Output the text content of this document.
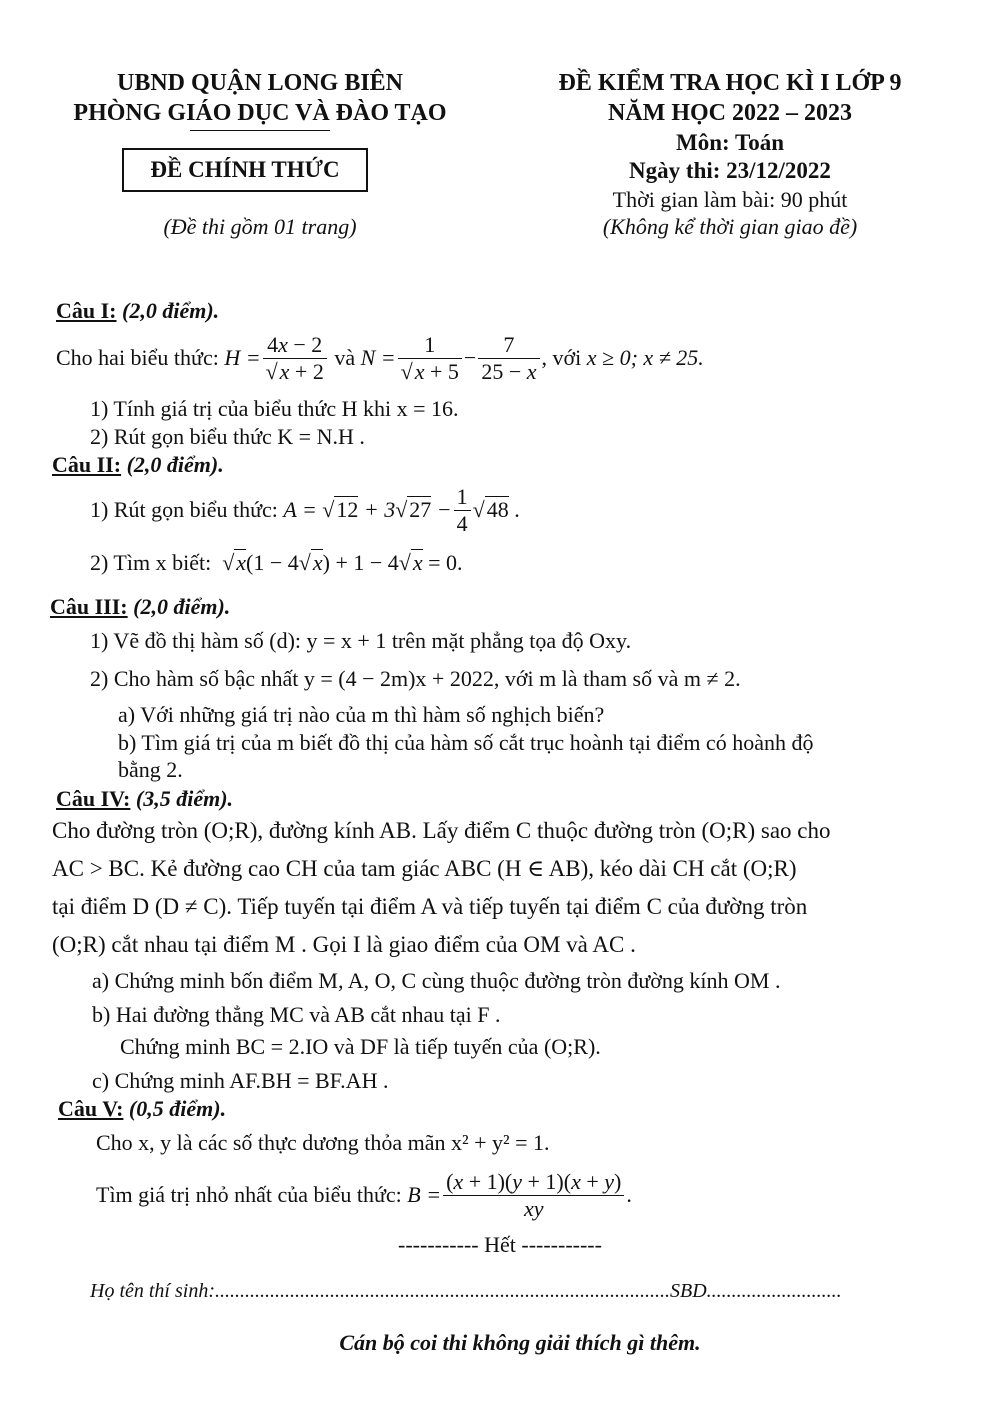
UBND QUẬN LONG BIÊN
PHÒNG GIÁO DỤC VÀ ĐÀO TẠO
ĐỀ CHÍNH THỨC
(Đề thi gồm 01 trang)
ĐỀ KIỂM TRA HỌC KÌ I LỚP 9
NĂM HỌC 2022 – 2023
Môn: Toán
Ngày thi: 23/12/2022
Thời gian làm bài: 90 phút
(Không kể thời gian giao đề)
Câu I: (2,0 điểm).
Cho hai biểu thức:
$H = \frac{4x - 2}{√x + 2}$
và
$N = \frac{1}{√x + 5} - \frac{7}{25 - x}$ , với
x ≥ 0; x ≠ 25.
1) Tính giá trị của biểu thức H khi x = 16.
2) Rút gọn biểu thức K = N.H .
Câu II: (2,0 điểm).
1) Rút gọn biểu thức:
$A = √12 + 3√27 - \frac{1}{4} √48$ .
2) Tìm x biết: √x(1 − 4√x) + 1 − 4√x = 0.
Câu III: (2,0 điểm).
1) Vẽ đồ thị hàm số (d): y = x + 1 trên mặt phẳng tọa độ Oxy.
2) Cho hàm số bậc nhất y = (4 − 2m)x + 2022, với m là tham số và m ≠ 2.
a) Với những giá trị nào của m thì hàm số nghịch biến?
b) Tìm giá trị của m biết đồ thị của hàm số cắt trục hoành tại điểm có hoành độ
bằng 2.
Câu IV: (3,5 điểm).
Cho đường tròn (O;R), đường kính AB. Lấy điểm C thuộc đường tròn (O;R) sao cho
AC > BC. Kẻ đường cao CH của tam giác ABC (H ∈ AB), kéo dài CH cắt (O;R)
tại điểm D (D ≠ C). Tiếp tuyến tại điểm A và tiếp tuyến tại điểm C của đường tròn
(O;R) cắt nhau tại điểm M . Gọi I là giao điểm của OM và AC .
a) Chứng minh bốn điểm M, A, O, C cùng thuộc đường tròn đường kính OM .
b) Hai đường thẳng MC và AB cắt nhau tại F .
Chứng minh BC = 2.IO và DF là tiếp tuyến của (O;R).
c) Chứng minh AF.BH = BF.AH .
Câu V: (0,5 điểm).
Cho x, y là các số thực dương thỏa mãn x² + y² = 1.
Tìm giá trị nhỏ nhất của biểu thức:
$B = \frac{(x + 1)(y + 1)(x + y)}{xy}$ .
----------- Hết -----------
Họ tên thí sinh:...........................................................................................SBD...........................
Cán bộ coi thi không giải thích gì thêm.
